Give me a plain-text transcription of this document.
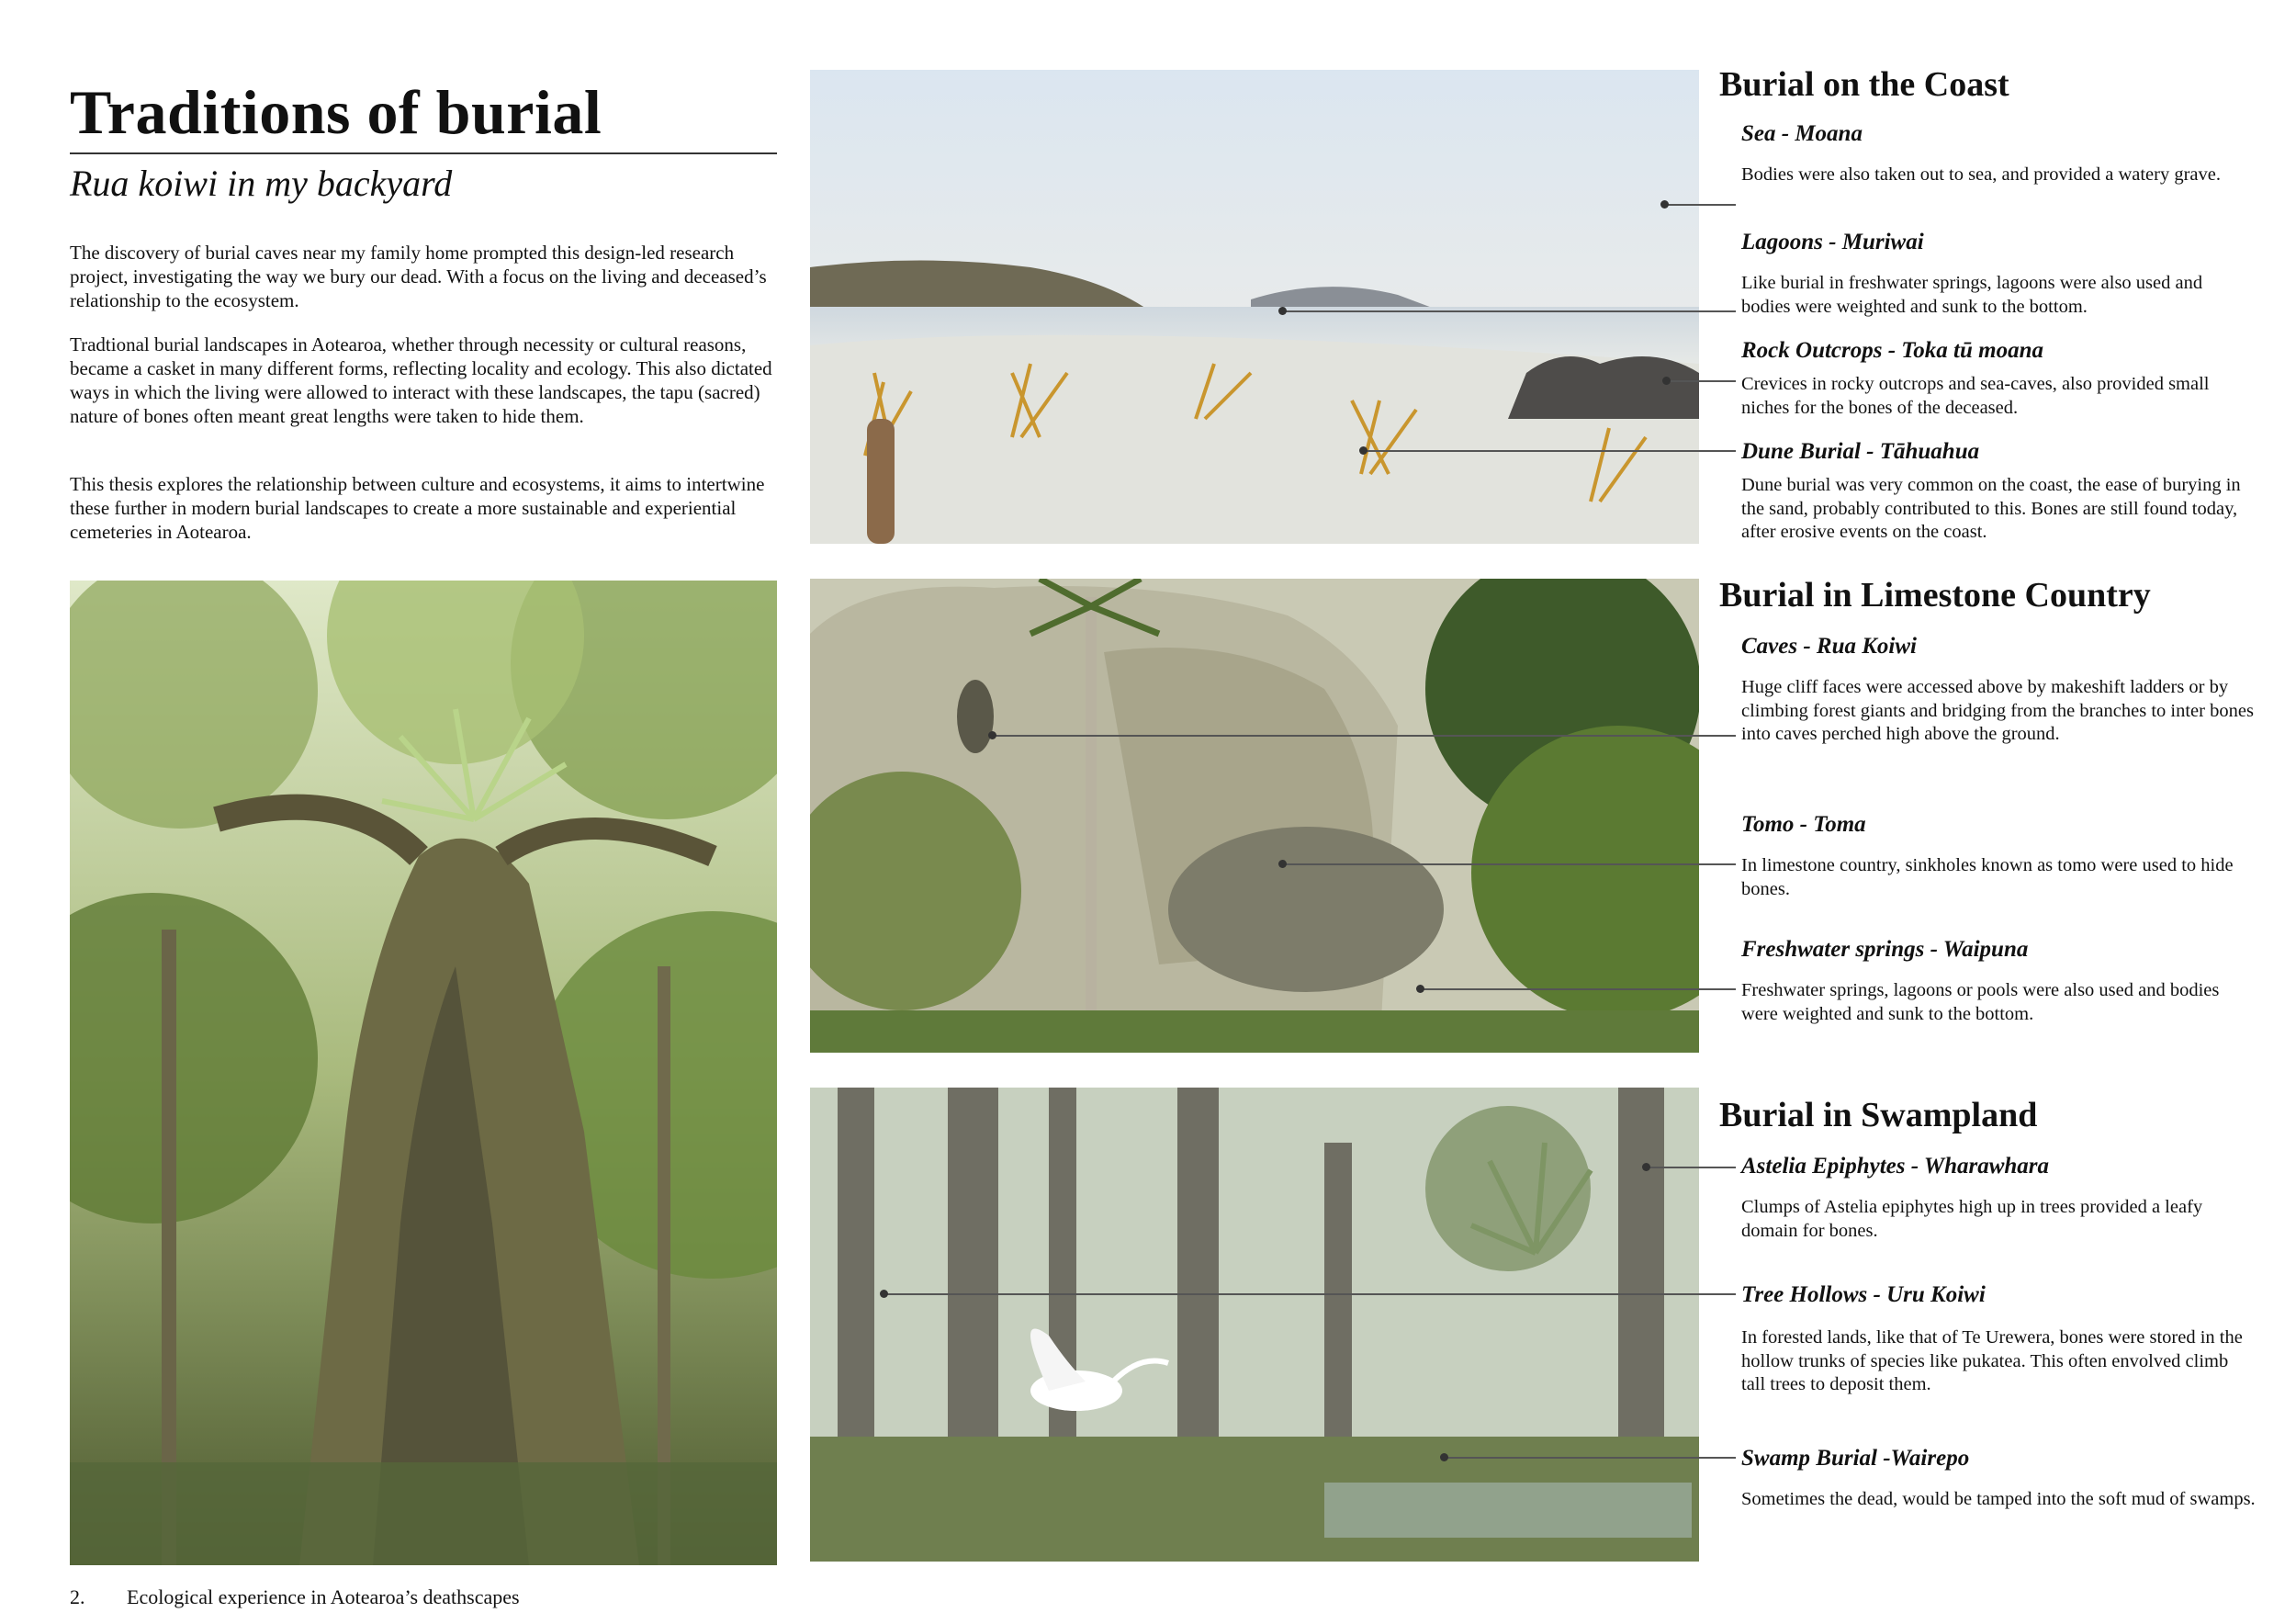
Traditions of burial
Rua koiwi in my backyard
The discovery of burial caves near my family home prompted this design-led research project, investigating the way we bury our dead. With a focus on the living and deceased’s relationship to the ecosystem.
Tradtional burial landscapes in Aotearoa, whether through necessity or cultural reasons, became a casket in many different forms, reflecting locality and ecology. This also dictated ways in which the living were allowed to interact with these landscapes, the tapu (sacred) nature of bones often meant great lengths were taken to hide them.
This thesis explores the relationship between culture and ecosystems, it aims to intertwine these further in modern burial landscapes to create a more sustainable and experiential cemeteries in Aotearoa.
2. Ecological experience in Aotearoa’s deathscapes
Burial on the Coast
Sea - Moana
Bodies were also taken out to sea, and provided a watery grave.
Lagoons - Muriwai
Like burial in freshwater springs, lagoons were also used and bodies were weighted and sunk to the bottom.
Rock Outcrops - Toka tū moana
Crevices in rocky outcrops and sea-caves, also provided small niches for the bones of the deceased.
Dune Burial - Tāhuahua
Dune burial was very common on the coast, the ease of burying in the sand, probably contributed to this. Bones are still found today, after erosive events on the coast.
Burial in Limestone Country
Caves - Rua Koiwi
Huge cliff faces were accessed above by makeshift ladders or by climbing forest giants and bridging from the branches to inter bones into caves perched high above the ground.
Tomo - Toma
In limestone country, sinkholes known as tomo were used to hide bones.
Freshwater springs - Waipuna
Freshwater springs, lagoons or pools were also used and bodies were weighted and sunk to the bottom.
Burial in Swampland
Astelia Epiphytes - Wharawhara
Clumps of Astelia epiphytes high up in trees provided a leafy domain for bones.
Tree Hollows - Uru Koiwi
In forested lands, like that of Te Urewera, bones were stored in the hollow trunks of species like pukatea. This often envolved climb tall trees to deposit them.
Swamp Burial -Wairepo
Sometimes the dead, would be tamped into the soft mud of swamps.
